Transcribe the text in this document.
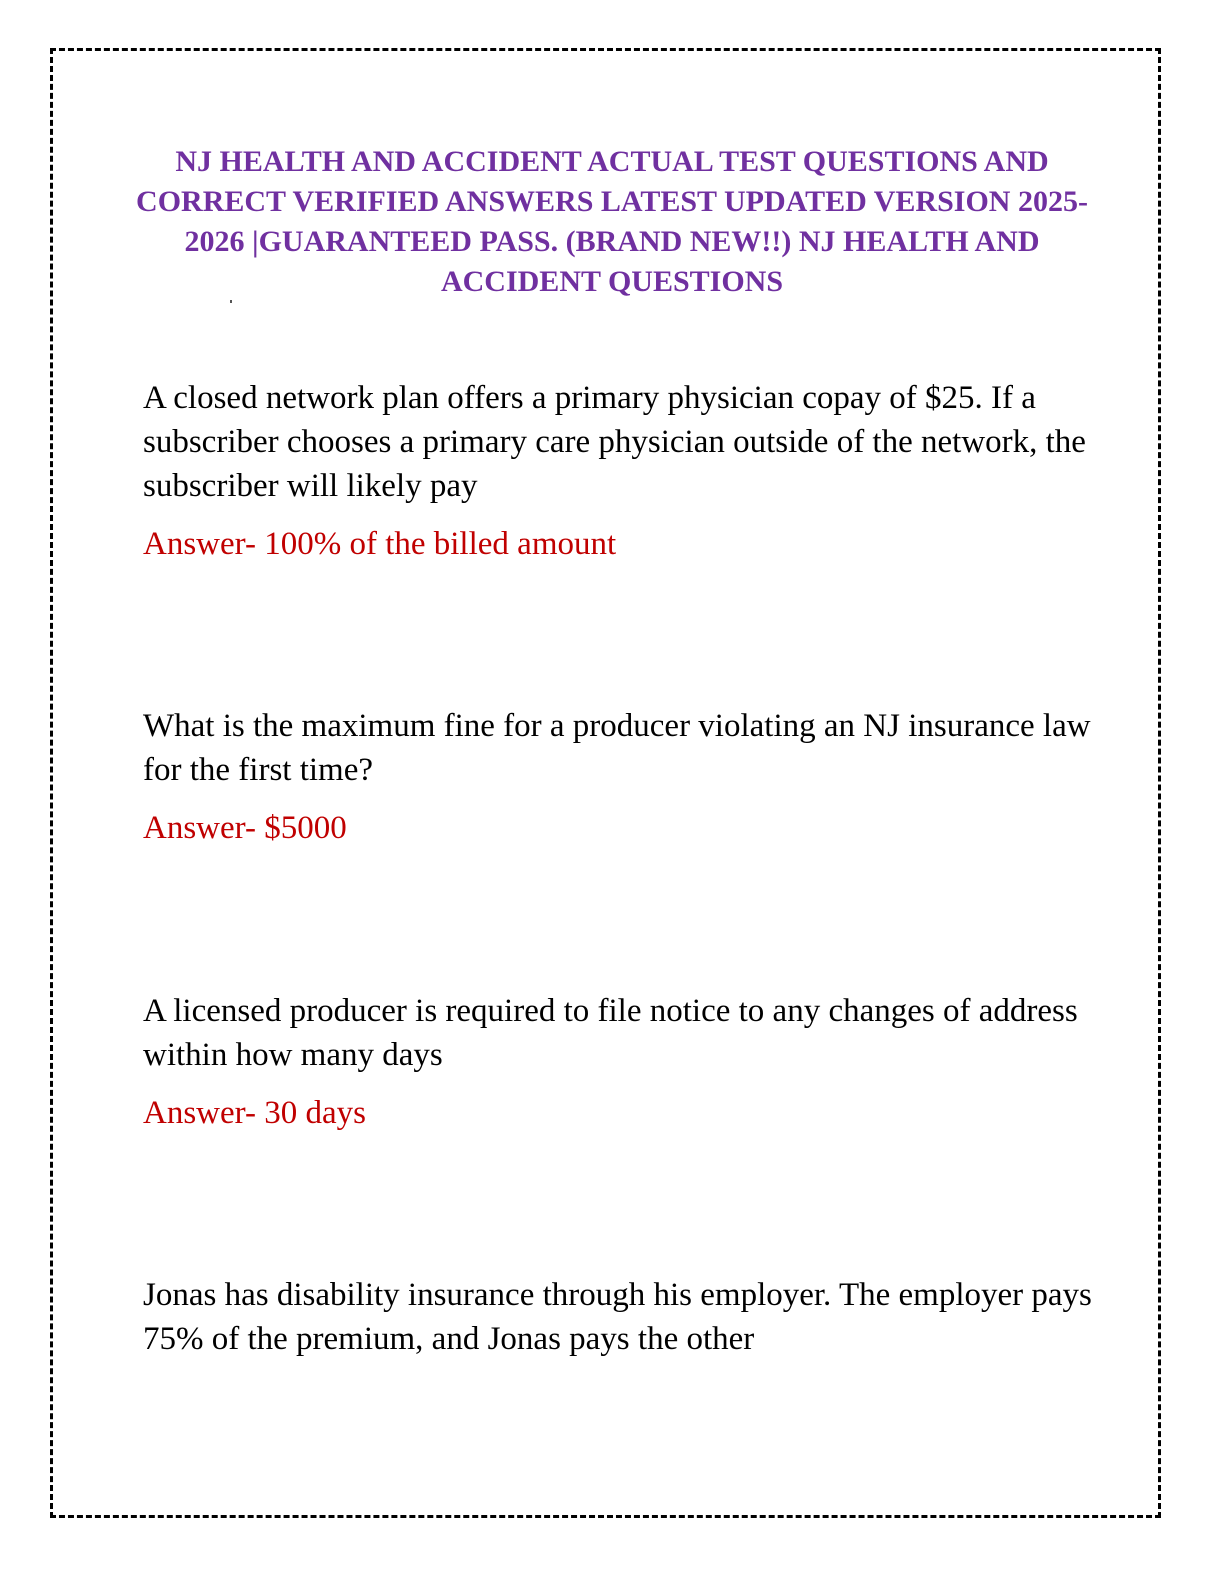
NJ HEALTH AND ACCIDENT ACTUAL TEST QUESTIONS AND CORRECT VERIFIED ANSWERS LATEST UPDATED VERSION 2025-2026 |GUARANTEED PASS. (BRAND NEW!!) NJ HEALTH AND ACCIDENT QUESTIONS

A closed network plan offers a primary physician copay of $25. If a subscriber chooses a primary care physician outside of the network, the subscriber will likely pay

Answer- 100% of the billed amount

What is the maximum fine for a producer violating an NJ insurance law for the first time?

Answer- $5000

A licensed producer is required to file notice to any changes of address within how many days

Answer- 30 days

Jonas has disability insurance through his employer. The employer pays 75% of the premium, and Jonas pays the other
